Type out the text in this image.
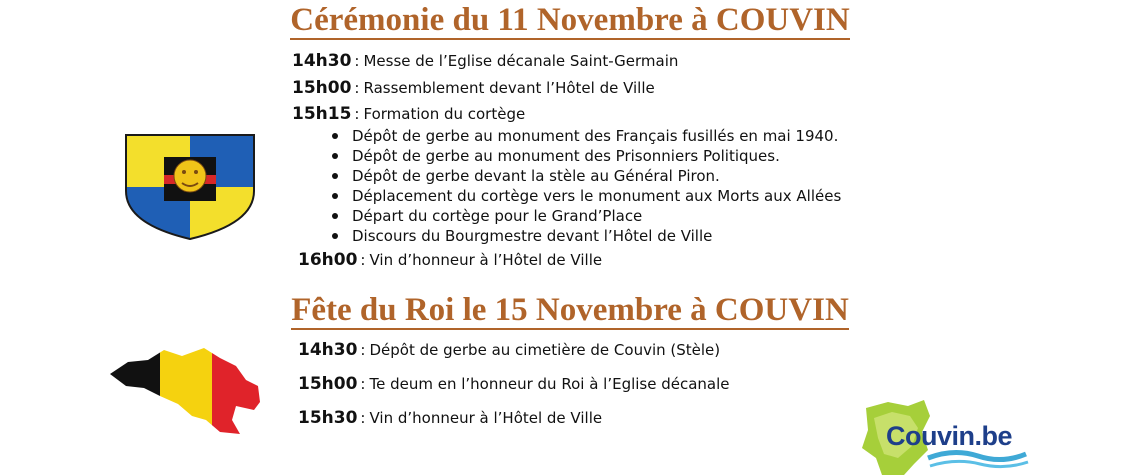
Cérémonie du 11 Novembre à COUVIN
Fête du Roi le 15 Novembre à COUVIN
14h30 : Messe de l’Eglise décanale Saint-Germain
15h00 : Rassemblement devant l’Hôtel de Ville
15h15 : Formation du cortège
Dépôt de gerbe au monument des Français fusillés en mai 1940.
Dépôt de gerbe au monument des Prisonniers Politiques.
Dépôt de gerbe devant la stèle au Général Piron.
Déplacement du cortège vers le monument aux Morts aux Allées
Départ du cortège pour le Grand’Place
Discours du Bourgmestre devant l’Hôtel de Ville
16h00 : Vin d’honneur à l’Hôtel de Ville
14h30 : Dépôt de gerbe au cimetière de Couvin (Stèle)
15h00 : Te deum en l’honneur du Roi à l’Eglise décanale
15h30 : Vin d’honneur à l’Hôtel de Ville
Couvin.be
